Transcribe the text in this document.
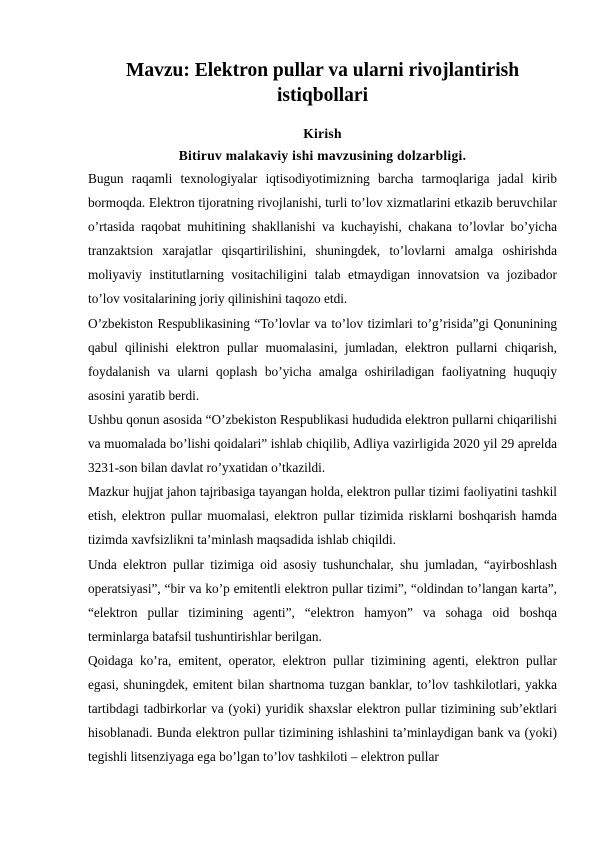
Mavzu: Elektron pullar va ularni rivojlantirish istiqbollari
Kirish
Bitiruv malakaviy ishi mavzusining dolzarbligi.

Bugun raqamli texnologiyalar iqtisodiyotimizning barcha tarmoqlariga jadal kirib bormoqda. Elektron tijoratning rivojlanishi, turli to’lov xizmatlarini etkazib beruvchilar o’rtasida raqobat muhitining shakllanishi va kuchayishi, chakana to’lovlar bo’yicha tranzaktsion xarajatlar qisqartirilishini, shuningdek, to’lovlarni amalga oshirishda moliyaviy institutlarning vositachiligini talab etmaydigan innovatsion va jozibador to’lov vositalarining joriy qilinishini taqozo etdi.

O’zbekiston Respublikasining “To’lovlar va to’lov tizimlari to’g’risida”gi Qonunining qabul qilinishi elektron pullar muomalasini, jumladan, elektron pullarni chiqarish, foydalanish va ularni qoplash bo’yicha amalga oshiriladigan faoliyatning huquqiy asosini yaratib berdi.

Ushbu qonun asosida “O’zbekiston Respublikasi hududida elektron pullarni chiqarilishi va muomalada bo’lishi qoidalari” ishlab chiqilib, Adliya vazirligida 2020 yil 29 aprelda 3231-son bilan davlat ro’yxatidan o’tkazildi.

Mazkur hujjat jahon tajribasiga tayangan holda, elektron pullar tizimi faoliyatini tashkil etish, elektron pullar muomalasi, elektron pullar tizimida risklarni boshqarish hamda tizimda xavfsizlikni ta’minlash maqsadida ishlab chiqildi.

Unda elektron pullar tizimiga oid asosiy tushunchalar, shu jumladan, “ayirboshlash operatsiyasi”, “bir va ko’p emitentli elektron pullar tizimi”, “oldindan to’langan karta”, “elektron pullar tizimining agenti”, “elektron hamyon” va sohaga oid boshqa terminlarga batafsil tushuntirishlar berilgan.

Qoidaga ko’ra, emitent, operator, elektron pullar tizimining agenti, elektron pullar egasi, shuningdek, emitent bilan shartnoma tuzgan banklar, to’lov tashkilotlari, yakka tartibdagi tadbirkorlar va (yoki) yuridik shaxslar elektron pullar tizimining sub’ektlari hisoblanadi. Bunda elektron pullar tizimining ishlashini ta’minlaydigan bank va (yoki) tegishli litsenziyaga ega bo’lgan to’lov tashkiloti – elektron pullar
